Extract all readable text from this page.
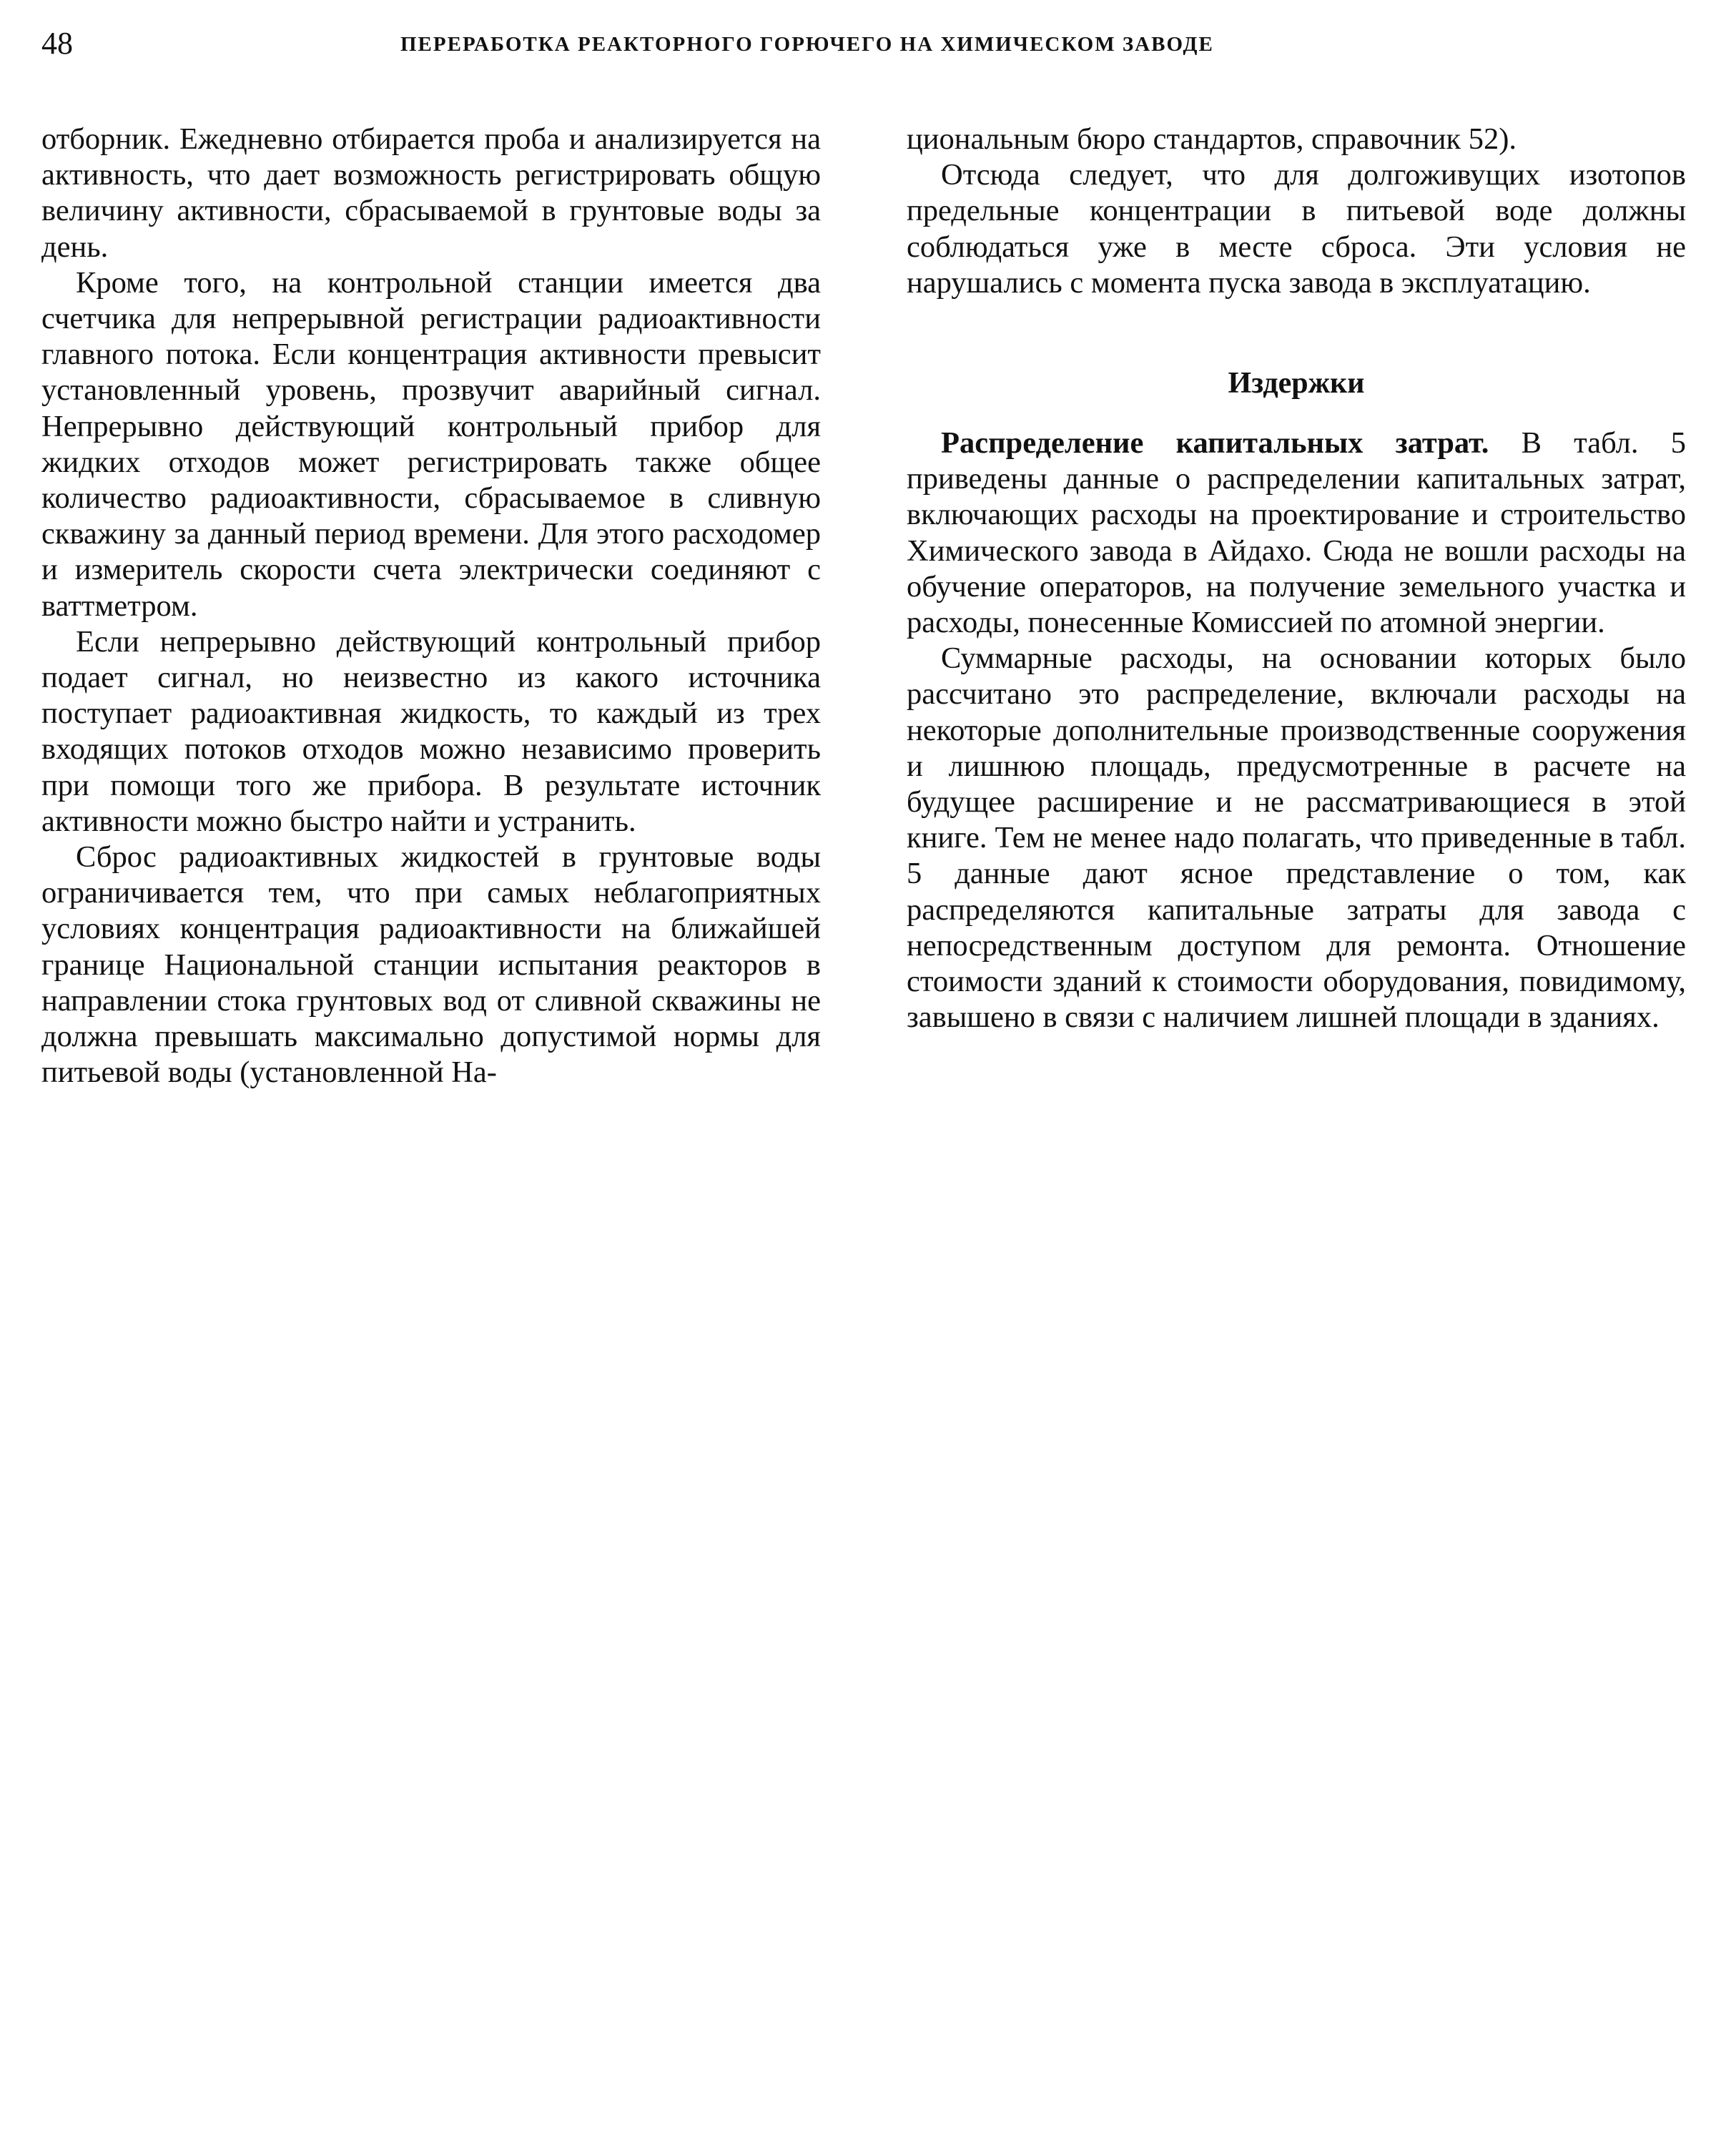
48	ПЕРЕРАБОТКА РЕАКТОРНОГО ГОРЮЧЕГО НА ХИМИЧЕСКОМ ЗАВОДЕ

отборник. Ежедневно отбирается проба и анализируется на активность, что дает возможность регистрировать общую величину активности, сбрасываемой в грунтовые воды за день.

Кроме того, на контрольной станции имеется два счетчика для непрерывной регистрации радиоактивности главного потока. Если концентрация активности превысит установленный уровень, прозвучит аварийный сигнал. Непрерывно действующий контрольный прибор для жидких отходов может регистрировать также общее количество радиоактивности, сбрасываемое в сливную скважину за данный период времени. Для этого расходомер и измеритель скорости счета электрически соединяют с ваттметром.

Если непрерывно действующий контрольный прибор подает сигнал, но неизвестно из какого источника поступает радиоактивная жидкость, то каждый из трех входящих потоков отходов можно независимо проверить при помощи того же прибора. В результате источник активности можно быстро найти и устранить.

Сброс радиоактивных жидкостей в грунтовые воды ограничивается тем, что при самых неблагоприятных условиях концентрация радиоактивности на ближайшей границе Национальной станции испытания реакторов в направлении стока грунтовых вод от сливной скважины не должна превышать максимально допустимой нормы для питьевой воды (установленной На-

циональным бюро стандартов, справочник 52).

Отсюда следует, что для долгоживущих изотопов предельные концентрации в питьевой воде должны соблюдаться уже в месте сброса. Эти условия не нарушались с момента пуска завода в эксплуатацию.

Издержки

Распределение капитальных затрат. В табл. 5 приведены данные о распределении капитальных затрат, включающих расходы на проектирование и строительство Химического завода в Айдахо. Сюда не вошли расходы на обучение операторов, на получение земельного участка и расходы, понесенные Комиссией по атомной энергии.

Суммарные расходы, на основании которых было рассчитано это распределение, включали расходы на некоторые дополнительные производственные сооружения и лишнюю площадь, предусмотренные в расчете на будущее расширение и не рассматривающиеся в этой книге. Тем не менее надо полагать, что приведенные в табл. 5 данные дают ясное представление о том, как распределяются капитальные затраты для завода с непосредственным доступом для ремонта. Отношение стоимости зданий к стоимости оборудования, повидимому, завышено в связи с наличием лишней площади в зданиях.
